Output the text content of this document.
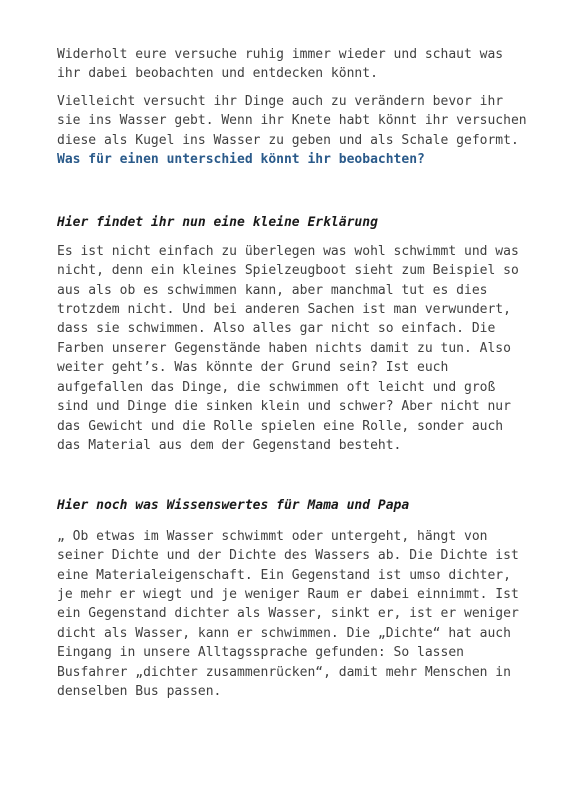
Widerholt eure versuche ruhig immer wieder und schaut was ihr dabei beobachten und entdecken könnt.

Vielleicht versucht ihr Dinge auch zu verändern bevor ihr sie ins Wasser gebt. Wenn ihr Knete habt könnt ihr versuchen diese als Kugel ins Wasser zu geben und als Schale geformt. Was für einen unterschied könnt ihr beobachten?

Hier findet ihr nun eine kleine Erklärung

Es ist nicht einfach zu überlegen was wohl schwimmt und was nicht, denn ein kleines Spielzeugboot sieht zum Beispiel so aus als ob es schwimmen kann, aber manchmal tut es dies trotzdem nicht. Und bei anderen Sachen ist man verwundert, dass sie schwimmen. Also alles gar nicht so einfach. Die Farben unserer Gegenstände haben nichts damit zu tun. Also weiter geht’s. Was könnte der Grund sein? Ist euch aufgefallen das Dinge, die schwimmen oft leicht und groß sind und Dinge die sinken klein und schwer? Aber nicht nur das Gewicht und die Rolle spielen eine Rolle, sonder auch das Material aus dem der Gegenstand besteht.

Hier noch was Wissenswertes für Mama und Papa

„ Ob etwas im Wasser schwimmt oder untergeht, hängt von seiner Dichte und der Dichte des Wassers ab. Die Dichte ist eine Materialeigenschaft. Ein Gegenstand ist umso dichter, je mehr er wiegt und je weniger Raum er dabei einnimmt. Ist ein Gegenstand dichter als Wasser, sinkt er, ist er weniger dicht als Wasser, kann er schwimmen. Die „Dichte“ hat auch Eingang in unsere Alltagssprache gefunden: So lassen Busfahrer „dichter zusammenrücken“, damit mehr Menschen in denselben Bus passen.
